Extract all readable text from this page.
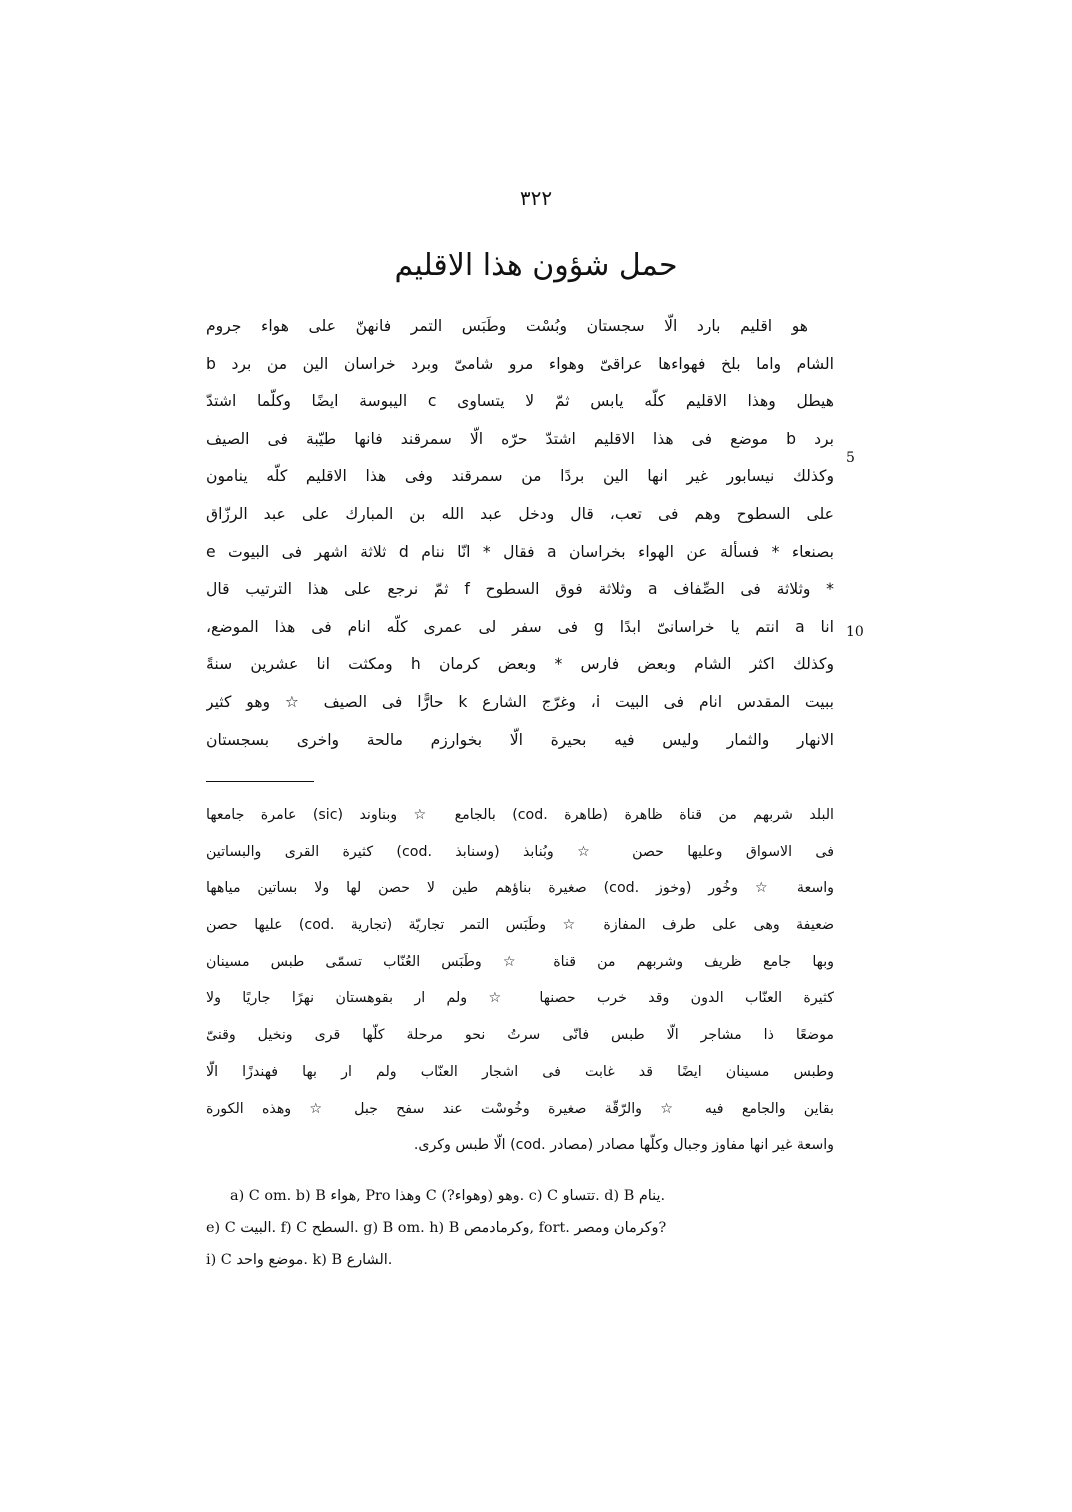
٣٢٢
حمل شؤون هذا الاقليم
هو اقليم بارد الّا سجستان وبُسْت وطَبَس التمر فانهنّ على هواء جروم
الشام واما بلخ فهواءها عراقىّ وهواء مرو شامىّ وبرد خراسان الين من برد b
هيطل وهذا الاقليم كلّه يابس ثمّ لا يتساوى c اليبوسة ايضًا وكلّما اشتدّ
برد b موضع فى هذا الاقليم اشتدّ حرّه الّا سمرقند فانها طيّبة فى الصيف
وكذلك نيسابور غير انها الين بردًا من سمرقند وفى هذا الاقليم كلّه ينامون
على السطوح وهم فى تعب، قال ودخل عبد الله بن المبارك على عبد الرزّاق
بصنعاء * فسألة عن الهواء بخراسان a فقال * انّا ننام d ثلاثة اشهر فى البيوت e
* وثلاثة فى الصِّفاف a وثلاثة فوق السطوح f ثمّ نرجع على هذا الترتيب قال
انا a انتم يا خراسانىّ ابدًا g فى سفر لى عمرى كلّه انام فى هذا الموضع،
وكذلك اكثر الشام وبعض فارس * وبعض كرمان h ومكثت انا عشرين سنةً
ببيت المقدس انام فى البيت i، وغرّج الشارع k حارًّا فى الصيف ☆ وهو كثير
الانهار والثمار وليس فيه بحيرة الّا بخوارزم مالحة واخرى بسجستان
5
10
البلد شربهم من قناة ظاهرة (طاهرة .cod) بالجامع ☆ وبناوند (sic) عامرة جامعها
فى الاسواق وعليها حصن ☆ وبُنابذ (وسنابذ .cod) كثيرة القرى والبساتين
واسعة ☆ وخُور (وخوز .cod) صغيرة بناؤهم طين لا حصن لها ولا بساتين مياهها
ضعيفة وهى على طرف المفازة ☆ وطَبَس التمر تجاريّة (تجارية .cod) عليها حصن
وبها جامع ظريف وشربهم من قناة ☆ وطَبَس العُنّاب تسمّى طبس مسينان
كثيرة العنّاب الدون وقد خرب حصنها ☆ ولم ار بقوهستان نهرًا جاريًا ولا
موضعًا ذا مشاجر الّا طبس فانّى سرتُ نحو مرحلة كلّها قرى ونخيل وقنىّ
وطبس مسينان ايضًا قد غابت فى اشجار العنّاب ولم ار بها فهندزًا الّا
بقاين والجامع فيه ☆ والرّقّة صغيرة وخُوسْت عند سفح جبل ☆ وهذه الكورة
واسعة غير انها مفاوز وجبال وكلّها مصادر (مصادر .cod) الّا طبس وكرى.
a) C om. b) B هواء, Pro وهذا C وهو (وهواء?). c) C تتساو. d) B ينام.
e) C البيت. f) C السطح. g) B om. h) B وكرمادمص, fort. وكرمان ومصر?
i) C موضع واحد. k) B الشارع.
